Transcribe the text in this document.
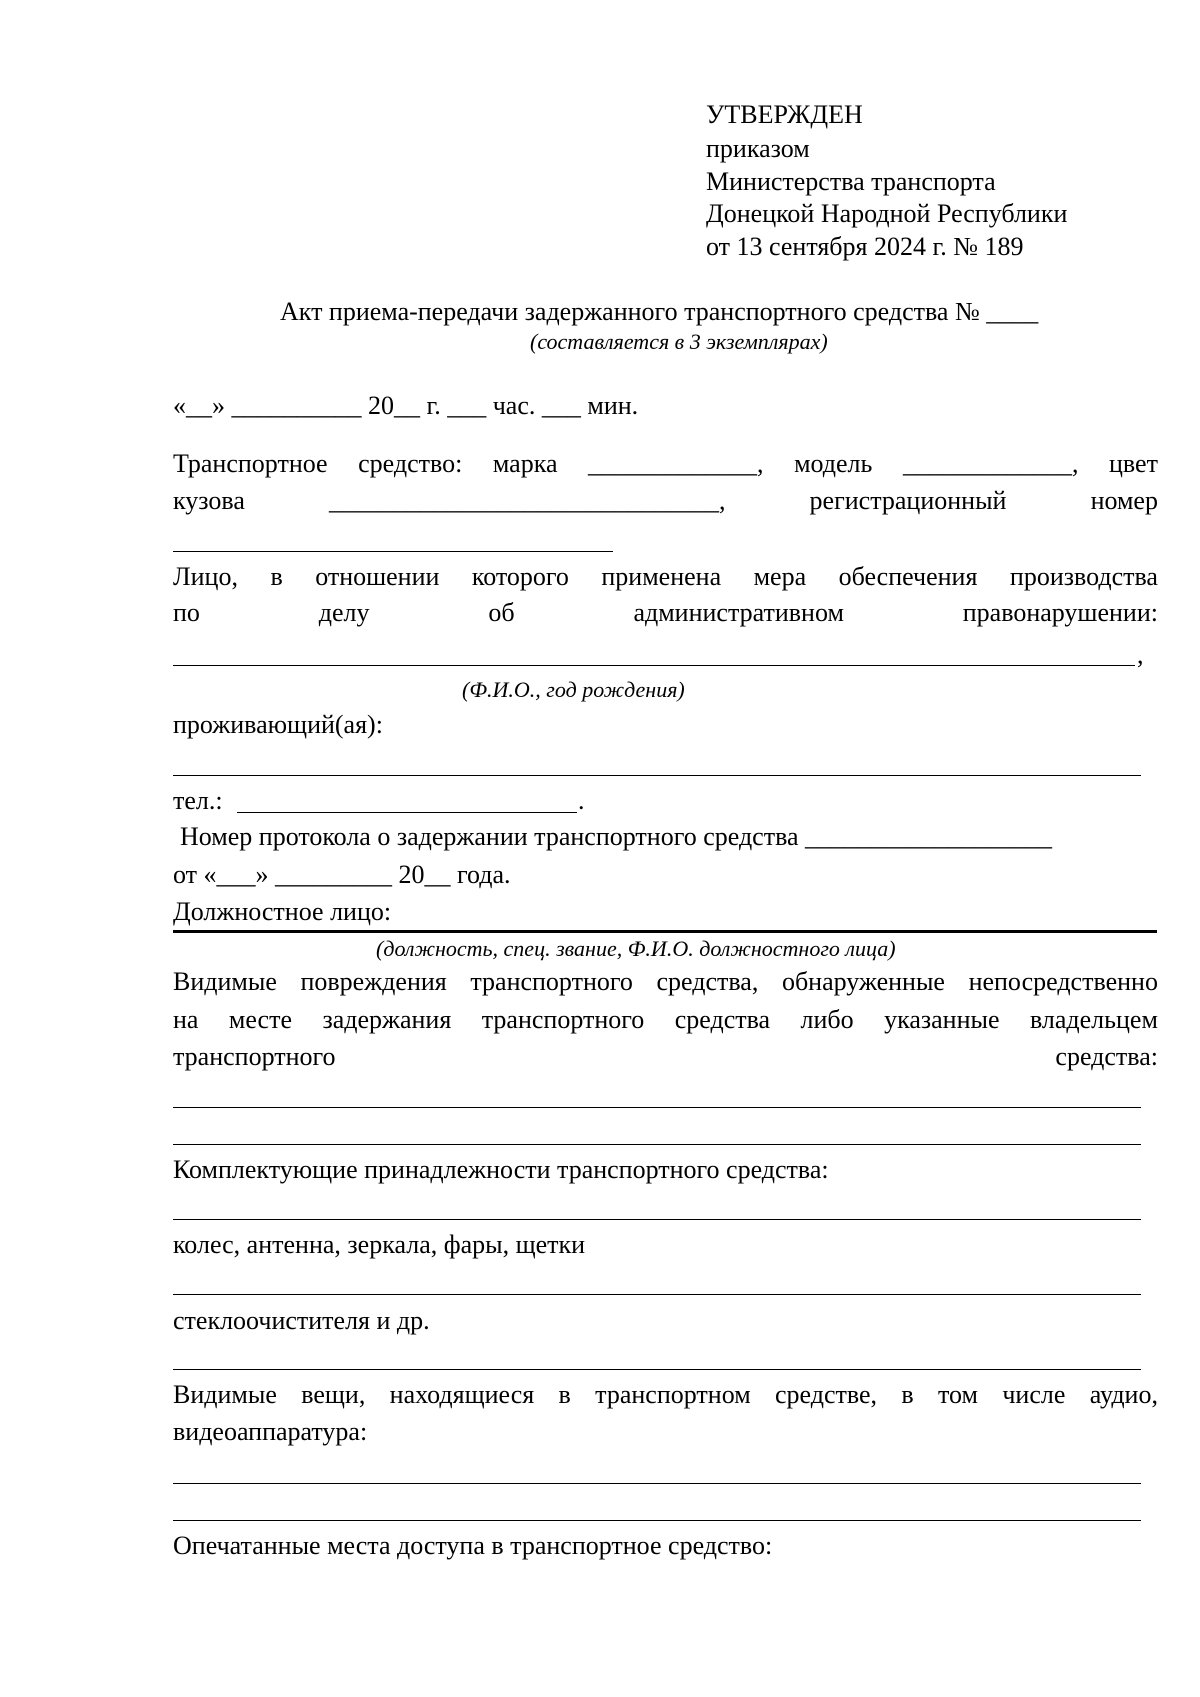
УТВЕРЖДЕН
приказом
Министерства транспорта
Донецкой Народной Республики
от 13 сентября 2024 г. № 189
Акт приема-передачи задержанного транспортного средства № ____
(составляется в 3 экземплярах)
«__» __________ 20__ г. ___ час. ___ мин.
Транспортное средство: марка _____________, модель _____________, цвет
кузова	______________________________,	регистрационный	номер
Лицо, в отношении которого применена мера обеспечения производства
по	делу	об	административном	правонарушении:
,
(Ф.И.О., год рождения)
проживающий(ая):
тел.:	.
Номер протокола о задержании транспортного средства ___________________
от «___» _________ 20__ года.
Должностное лицо:
(должность, спец. звание, Ф.И.О. должностного лица)
Видимые повреждения транспортного средства, обнаруженные непосредственно
на месте задержания транспортного средства либо указанные владельцем
транспортного	средства:
Комплектующие принадлежности транспортного средства:
колес, антенна, зеркала, фары, щетки
стеклоочистителя и др.
Видимые вещи, находящиеся в транспортном средстве, в том числе аудио,
видеоаппаратура:
Опечатанные места доступа в транспортное средство:
